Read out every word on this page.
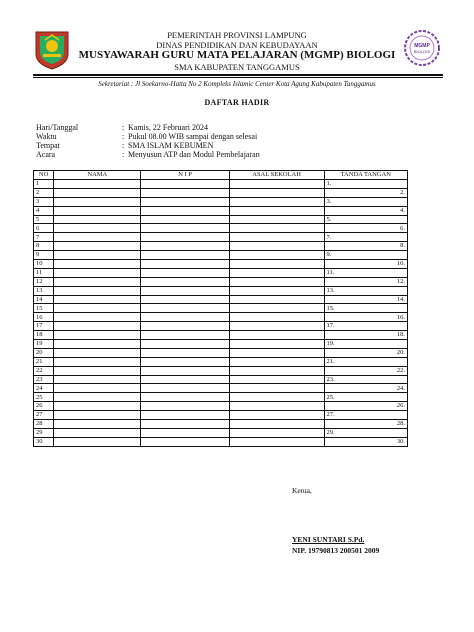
MGMP
BIOLOGI
PEMERINTAH PROVINSI LAMPUNG
DINAS PENDIDIKAN DAN KEBUDAYAAN
MUSYAWARAH GURU MATA PELAJARAN (MGMP) BIOLOGI
SMA KABUPATEN TANGGAMUS
Sekretariat : Jl Soekarno-Hatta No 2 Kompleks Islamic Center Kota Agung Kabupaten Tanggamus
DAFTAR HADIR
Hari/Tanggal	: Kamis, 22 Februari 2024
Waktu	: Pukul 08.00 WIB sampai dengan selesai
Tempat	: SMA ISLAM KEBUMEN
Acara	: Menyusun ATP dan Modul Pembelajaran
NO	NAMA	N I P	ASAL SEKOLAH	TANDA TANGAN
1				1.
2				2.
3				3.
4				4.
5				5.
6				6.
7				7.
8				8.
9				9.
10				10.
11				11.
12				12.
13				13.
14				14.
15				15.
16				16.
17				17.
18				18.
19				19.
20				20.
21				21.
22				22.
23				23.
24				24.
25				25.
26				26.
27				27.
28				28.
29				29.
30				30.
Ketua,
YENI SUNTARI S.Pd.
NIP. 19790813 200501 2009
